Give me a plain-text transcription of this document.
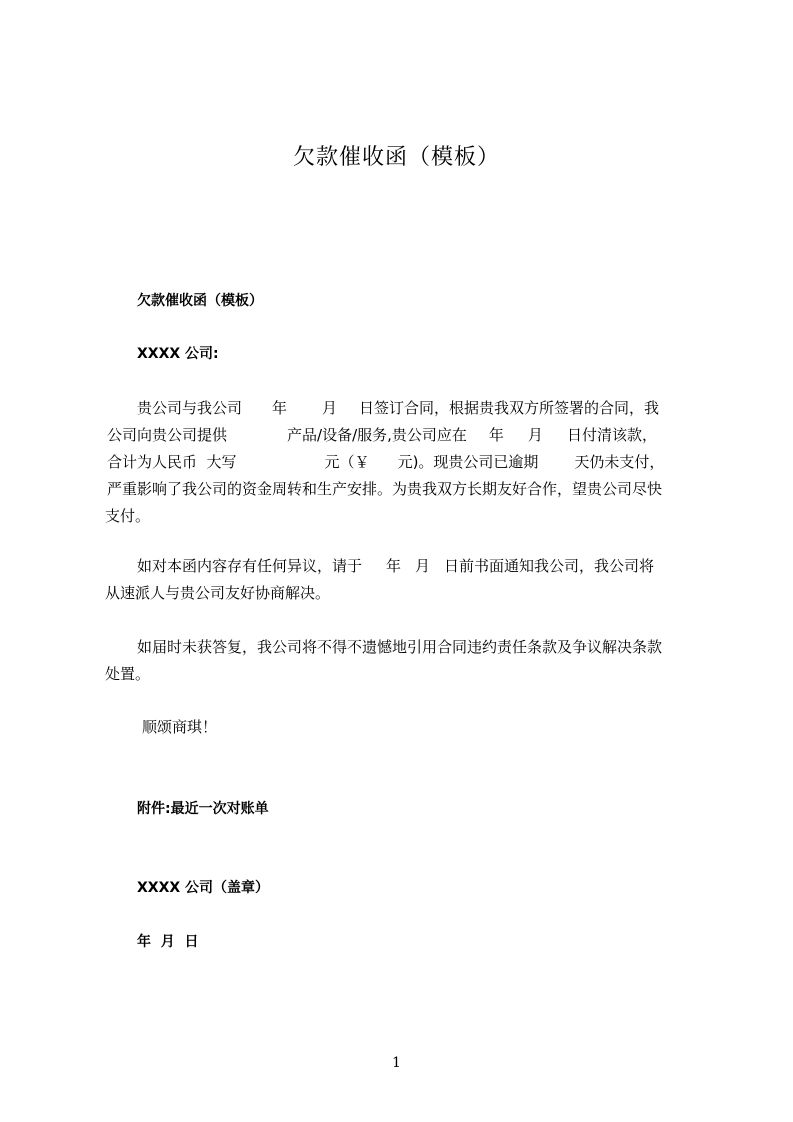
欠款催收函（模板）
欠款催收函（模板）
XXXX 公司:
贵公司与我公司 年 月 日签订合同，根据贵我双方所签署的合同，我
公司向贵公司提供	产品/设备/服务,贵公司应在 年 月 日付清该款，
合计为人民币  大写	元（￥ 元)。现贵公司已逾期 天仍未支付，
严重影响了我公司的资金周转和生产安排。为贵我双方长期友好合作，望贵公司尽快
支付。
如对本函内容存有任何异议，请于 年 月 日前书面通知我公司，我公司将
从速派人与贵公司友好协商解决。
如届时未获答复，我公司将不得不遗憾地引用合同违约责任条款及争议解决条款
处置。
顺颂商琪！
附件:最近一次对账单
XXXX 公司（盖章）
年  月  日
1
